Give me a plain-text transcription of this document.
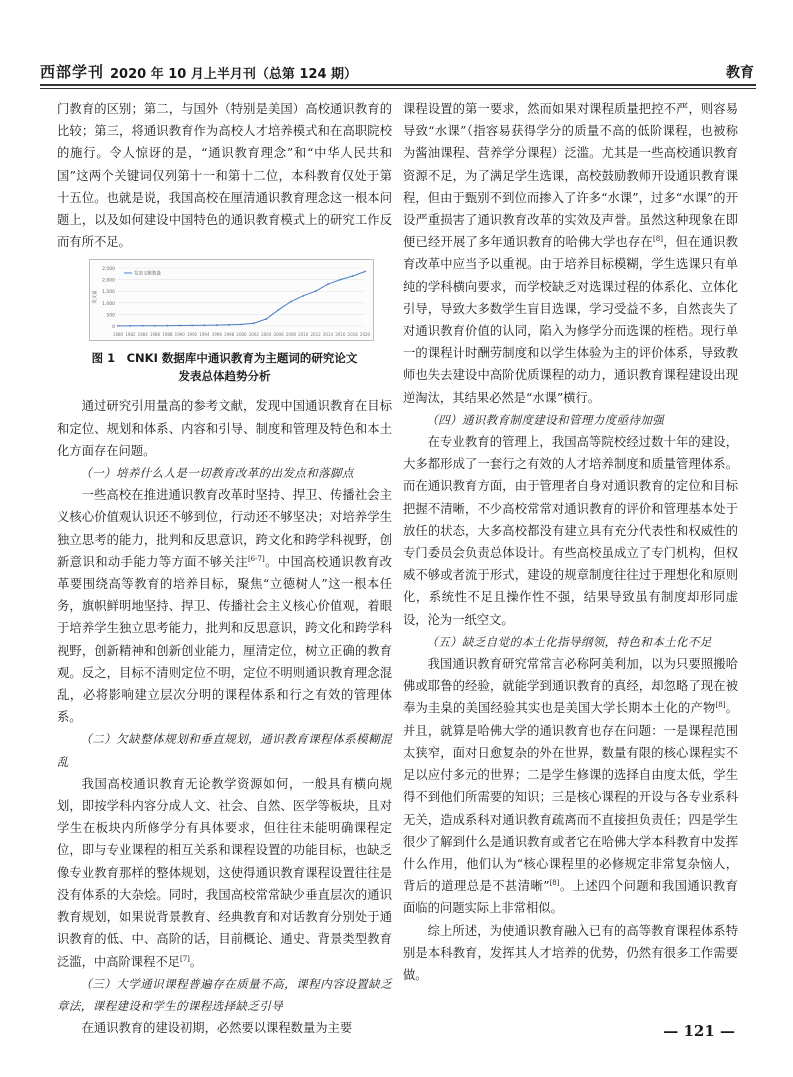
西部学刊 2020 年 10 月上半月刊（总第 124 期）	教育

门教育的区别；第二，与国外（特别是美国）高校通识教育的比较；第三，将通识教育作为高校人才培养模式和在高职院校的施行。令人惊讶的是，“通识教育理念”和“中华人民共和国”这两个关键词仅列第十一和第十二位，本科教育仅处于第十五位。也就是说，我国高校在厘清通识教育理念这一根本问题上，以及如何建设中国特色的通识教育模式上的研究工作反而有所不足。

0
500
1,000
1,500
2,000
2,500
发文量
1980 1982 1984 1986 1988 1990 1992 1994 1996 1998 2000 2002 2004 2006 2008 2010 2012 2014 2016 2018 2020
发表文献数量
图 1　CNKI 数据库中通识教育为主题词的研究论文
发表总体趋势分析

通过研究引用量高的参考文献，发现中国通识教育在目标和定位、规划和体系、内容和引导、制度和管理及特色和本土化方面存在问题。

（一）培养什么人是一切教育改革的出发点和落脚点

一些高校在推进通识教育改革时坚持、捍卫、传播社会主义核心价值观认识还不够到位，行动还不够坚决；对培养学生独立思考的能力，批判和反思意识，跨文化和跨学科视野，创新意识和动手能力等方面不够关注[6-7]。中国高校通识教育改革要围绕高等教育的培养目标，聚焦“立德树人”这一根本任务，旗帜鲜明地坚持、捍卫、传播社会主义核心价值观，着眼于培养学生独立思考能力，批判和反思意识，跨文化和跨学科视野，创新精神和创新创业能力，厘清定位，树立正确的教育观。反之，目标不清则定位不明，定位不明则通识教育理念混乱，必将影响建立层次分明的课程体系和行之有效的管理体系。

（二）欠缺整体规划和垂直规划，通识教育课程体系模糊混乱

我国高校通识教育无论教学资源如何，一般具有横向规划，即按学科内容分成人文、社会、自然、医学等板块，且对学生在板块内所修学分有具体要求，但往往未能明确课程定位，即与专业课程的相互关系和课程设置的功能目标，也缺乏像专业教育那样的整体规划，这使得通识教育课程设置往往是没有体系的大杂烩。同时，我国高校常常缺少垂直层次的通识教育规划，如果说背景教育、经典教育和对话教育分别处于通识教育的低、中、高阶的话，目前概论、通史、背景类型教育泛滥，中高阶课程不足[7]。

（三）大学通识课程普遍存在质量不高，课程内容设置缺乏章法，课程建设和学生的课程选择缺乏引导

在通识教育的建设初期，必然要以课程数量为主要

课程设置的第一要求，然而如果对课程质量把控不严，则容易导致“水课”（指容易获得学分的质量不高的低阶课程，也被称为酱油课程、营养学分课程）泛滥。尤其是一些高校通识教育资源不足，为了满足学生选课，高校鼓励教师开设通识教育课程，但由于甄别不到位而掺入了许多“水课”，过多“水课”的开设严重损害了通识教育改革的实效及声誉。虽然这种现象在即便已经开展了多年通识教育的哈佛大学也存在[8]，但在通识教育改革中应当予以重视。由于培养目标模糊，学生选课只有单纯的学科横向要求，而学校缺乏对选课过程的体系化、立体化引导，导致大多数学生盲目选课，学习受益不多，自然丧失了对通识教育价值的认同，陷入为修学分而选课的桎梏。现行单一的课程计时酬劳制度和以学生体验为主的评价体系，导致教师也失去建设中高阶优质课程的动力，通识教育课程建设出现逆淘汰，其结果必然是“水课”横行。

（四）通识教育制度建设和管理力度亟待加强

在专业教育的管理上，我国高等院校经过数十年的建设，大多都形成了一套行之有效的人才培养制度和质量管理体系。而在通识教育方面，由于管理者自身对通识教育的定位和目标把握不清晰，不少高校常常对通识教育的评价和管理基本处于放任的状态，大多高校都没有建立具有充分代表性和权威性的专门委员会负责总体设计。有些高校虽成立了专门机构，但权威不够或者流于形式，建设的规章制度往往过于理想化和原则化，系统性不足且操作性不强，结果导致虽有制度却形同虚设，沦为一纸空文。

（五）缺乏自觉的本土化指导纲领，特色和本土化不足

我国通识教育研究常常言必称阿美利加，以为只要照搬哈佛或耶鲁的经验，就能学到通识教育的真经，却忽略了现在被奉为圭臬的美国经验其实也是美国大学长期本土化的产物[8]。并且，就算是哈佛大学的通识教育也存在问题：一是课程范围太狭窄，面对日愈复杂的外在世界，数量有限的核心课程实不足以应付多元的世界；二是学生修课的选择自由度太低，学生得不到他们所需要的知识；三是核心课程的开设与各专业系科无关，造成系科对通识教育疏离而不直接担负责任；四是学生很少了解到什么是通识教育或者它在哈佛大学本科教育中发挥什么作用，他们认为“核心课程里的必修规定非常复杂恼人，背后的道理总是不甚清晰”[8]。上述四个问题和我国通识教育面临的问题实际上非常相似。

综上所述，为使通识教育融入已有的高等教育课程体系特别是本科教育，发挥其人才培养的优势，仍然有很多工作需要做。

— 121 —
